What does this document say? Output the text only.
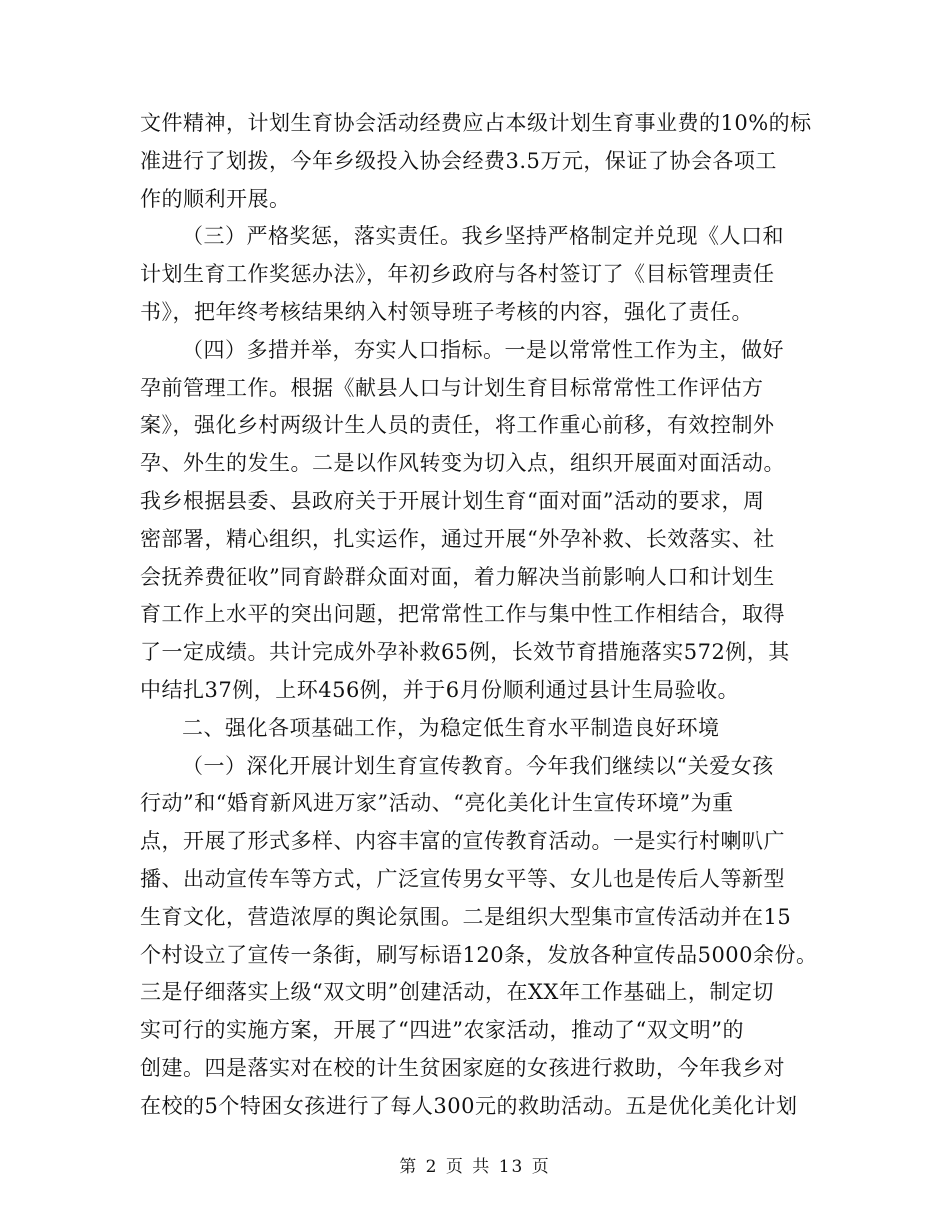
文件精神，计划生育协会活动经费应占本级计划生育事业费的10%的标
准进行了划拨，今年乡级投入协会经费3.5万元，保证了协会各项工
作的顺利开展。
（三）严格奖惩，落实责任。我乡坚持严格制定并兑现《人口和
计划生育工作奖惩办法》，年初乡政府与各村签订了《目标管理责任
书》，把年终考核结果纳入村领导班子考核的内容，强化了责任。
（四）多措并举，夯实人口指标。一是以常常性工作为主，做好
孕前管理工作。根据《献县人口与计划生育目标常常性工作评估方
案》，强化乡村两级计生人员的责任，将工作重心前移，有效控制外
孕、外生的发生。二是以作风转变为切入点，组织开展面对面活动。
我乡根据县委、县政府关于开展计划生育“面对面”活动的要求，周
密部署，精心组织，扎实运作，通过开展“外孕补救、长效落实、社
会抚养费征收”同育龄群众面对面，着力解决当前影响人口和计划生
育工作上水平的突出问题，把常常性工作与集中性工作相结合，取得
了一定成绩。共计完成外孕补救65例，长效节育措施落实572例，其
中结扎37例，上环456例，并于6月份顺利通过县计生局验收。
二、强化各项基础工作，为稳定低生育水平制造良好环境
（一）深化开展计划生育宣传教育。今年我们继续以“关爱女孩
行动”和“婚育新风进万家”活动、“亮化美化计生宣传环境”为重
点，开展了形式多样、内容丰富的宣传教育活动。一是实行村喇叭广
播、出动宣传车等方式，广泛宣传男女平等、女儿也是传后人等新型
生育文化，营造浓厚的舆论氛围。二是组织大型集市宣传活动并在15
个村设立了宣传一条街，刷写标语120条，发放各种宣传品5000余份。
三是仔细落实上级“双文明”创建活动，在XX年工作基础上，制定切
实可行的实施方案，开展了“四进”农家活动，推动了“双文明”的
创建。四是落实对在校的计生贫困家庭的女孩进行救助，今年我乡对
在校的5个特困女孩进行了每人300元的救助活动。五是优化美化计划
第 2 页 共 13 页
